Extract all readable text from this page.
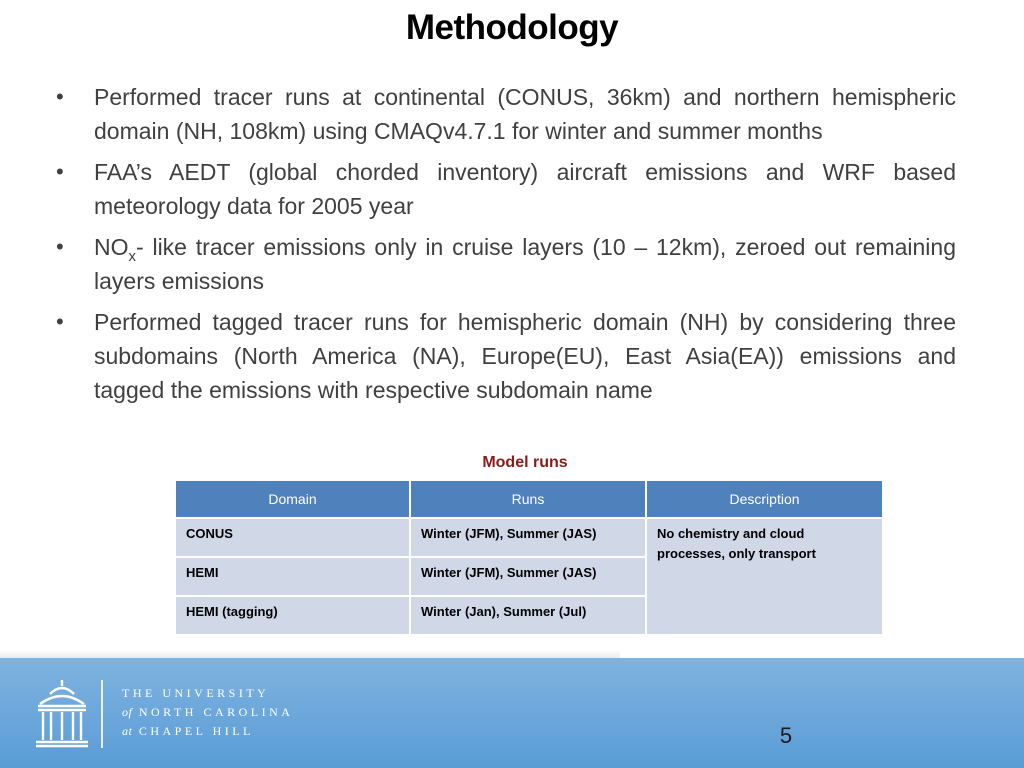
Methodology
• Performed tracer runs at continental (CONUS, 36km) and northern hemispheric domain (NH, 108km) using CMAQv4.7.1 for winter and summer months
• FAA’s AEDT (global chorded inventory) aircraft emissions and WRF based meteorology data for 2005 year
• $NO_x-$ like tracer emissions only in cruise layers (10 – 12km), zeroed out remaining layers emissions
• Performed tagged tracer runs for hemispheric domain (NH) by considering three subdomains (North America (NA), Europe(EU), East Asia(EA)) emissions and tagged the emissions with respective subdomain name
Model runs
Domain	Runs	Description
CONUS	Winter (JFM), Summer (JAS)	No chemistry and cloud processes, only transport
HEMI	Winter (JFM), Summer (JAS)	
HEMI (tagging)	Winter (Jan), Summer (Jul)	
THE UNIVERSITY
of NORTH CAROLINA
at CHAPEL HILL	5
